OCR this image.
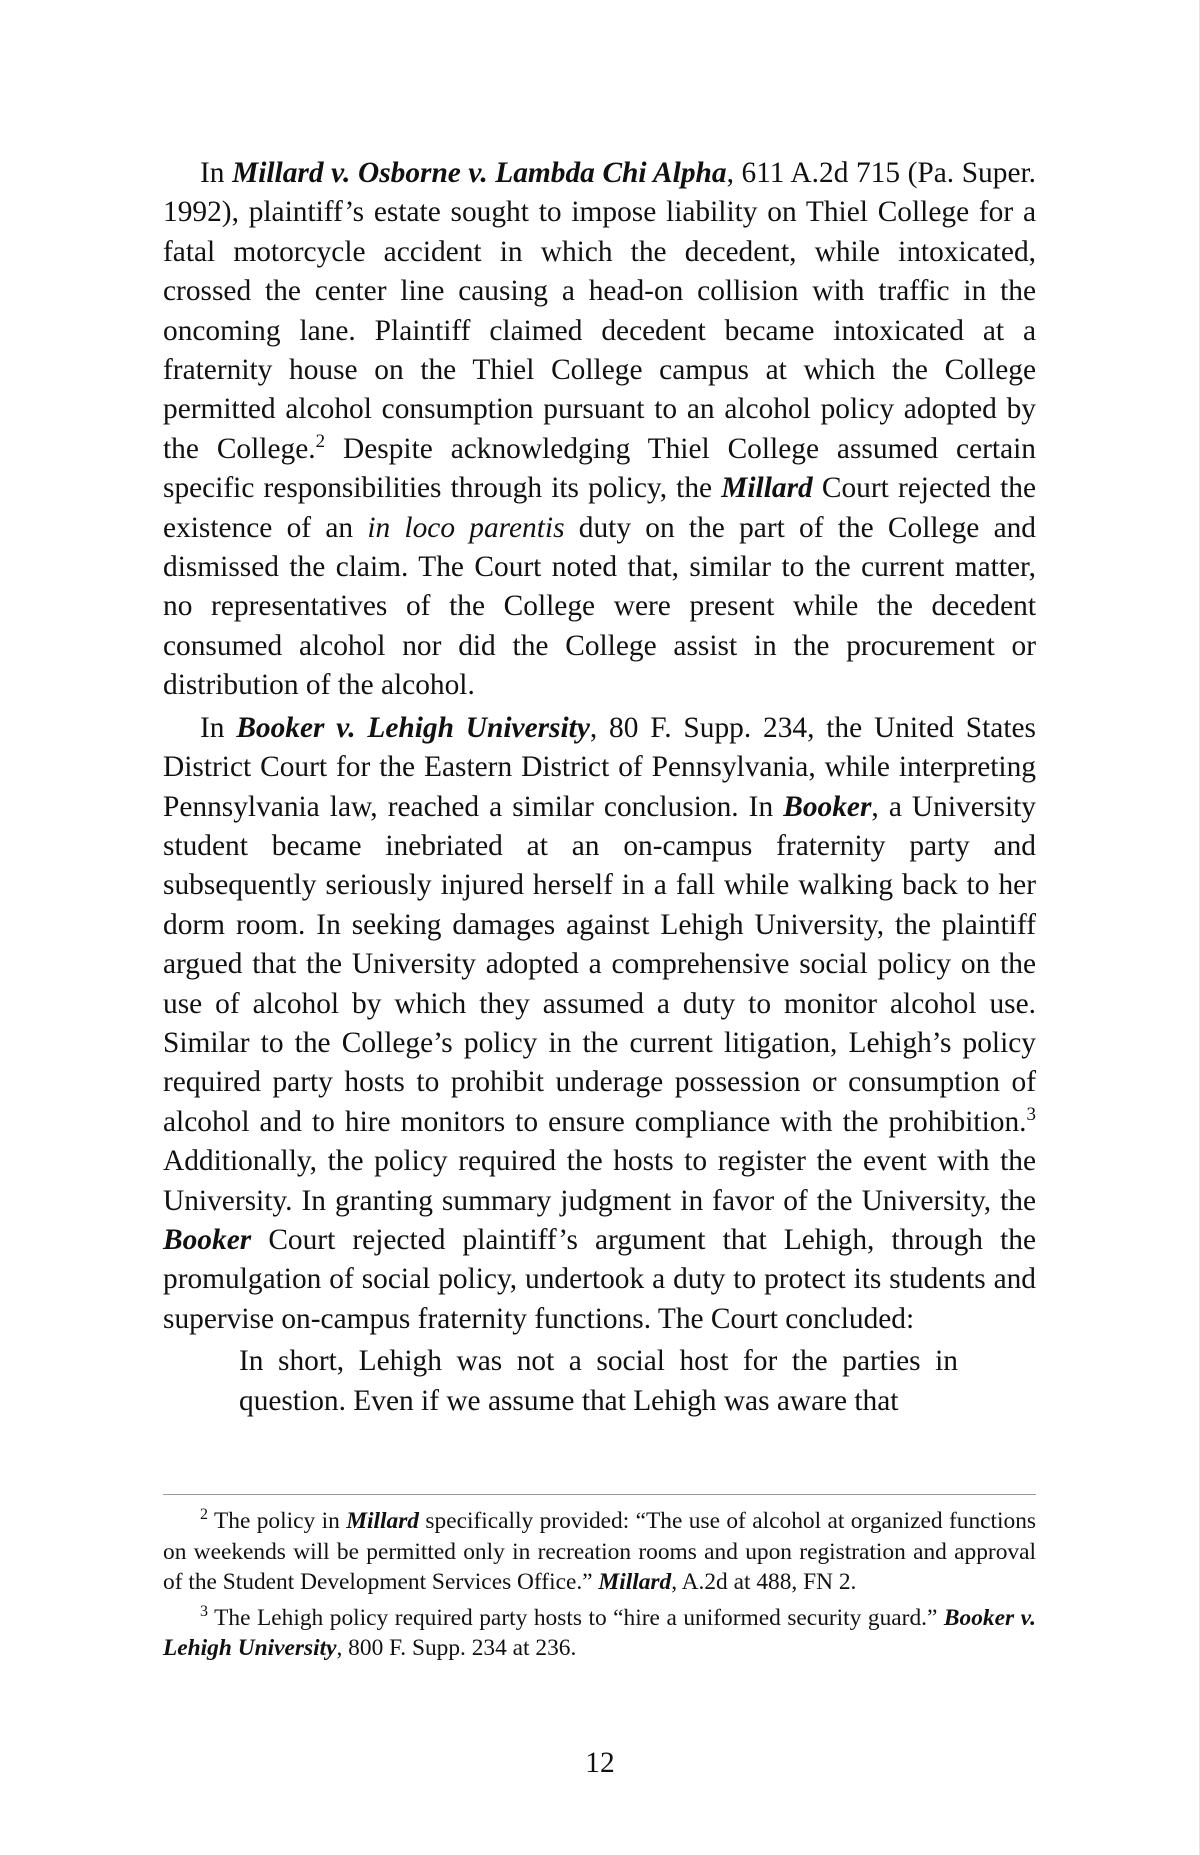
In Millard v. Osborne v. Lambda Chi Alpha, 611 A.2d 715 (Pa. Super. 1992), plaintiff’s estate sought to impose liability on Thiel College for a fatal motorcycle accident in which the decedent, while intoxicated, crossed the center line causing a head-on collision with traffic in the oncoming lane. Plaintiff claimed decedent became intoxicated at a fraternity house on the Thiel College campus at which the College permitted alcohol consumption pursuant to an alcohol policy adopted by the College.$^2$ Despite acknowledging Thiel College assumed certain specific responsibilities through its policy, the Millard Court rejected the existence of an in loco parentis duty on the part of the College and dismissed the claim. The Court noted that, similar to the current matter, no representatives of the College were present while the decedent consumed alcohol nor did the College assist in the procurement or distribution of the alcohol.

In Booker v. Lehigh University, 80 F. Supp. 234, the United States District Court for the Eastern District of Pennsylvania, while interpreting Pennsylvania law, reached a similar conclusion. In Booker, a University student became inebriated at an on-campus fraternity party and subsequently seriously injured herself in a fall while walking back to her dorm room. In seeking damages against Lehigh University, the plaintiff argued that the University adopted a comprehensive social policy on the use of alcohol by which they assumed a duty to monitor alcohol use. Similar to the College’s policy in the current litigation, Lehigh’s policy required party hosts to prohibit underage possession or consumption of alcohol and to hire monitors to ensure compliance with the prohibition.$^3$ Additionally, the policy required the hosts to register the event with the University. In granting summary judgment in favor of the University, the Booker Court rejected plaintiff’s argument that Lehigh, through the promulgation of social policy, undertook a duty to protect its students and supervise on-campus fraternity functions. The Court concluded:

In short, Lehigh was not a social host for the parties in question. Even if we assume that Lehigh was aware that

$^2$ The policy in Millard specifically provided: “The use of alcohol at organized functions on weekends will be permitted only in recreation rooms and upon registration and approval of the Student Development Services Office.” Millard, A.2d at 488, FN 2.

$^3$ The Lehigh policy required party hosts to “hire a uniformed security guard.” Booker v. Lehigh University, 800 F. Supp. 234 at 236.

12
